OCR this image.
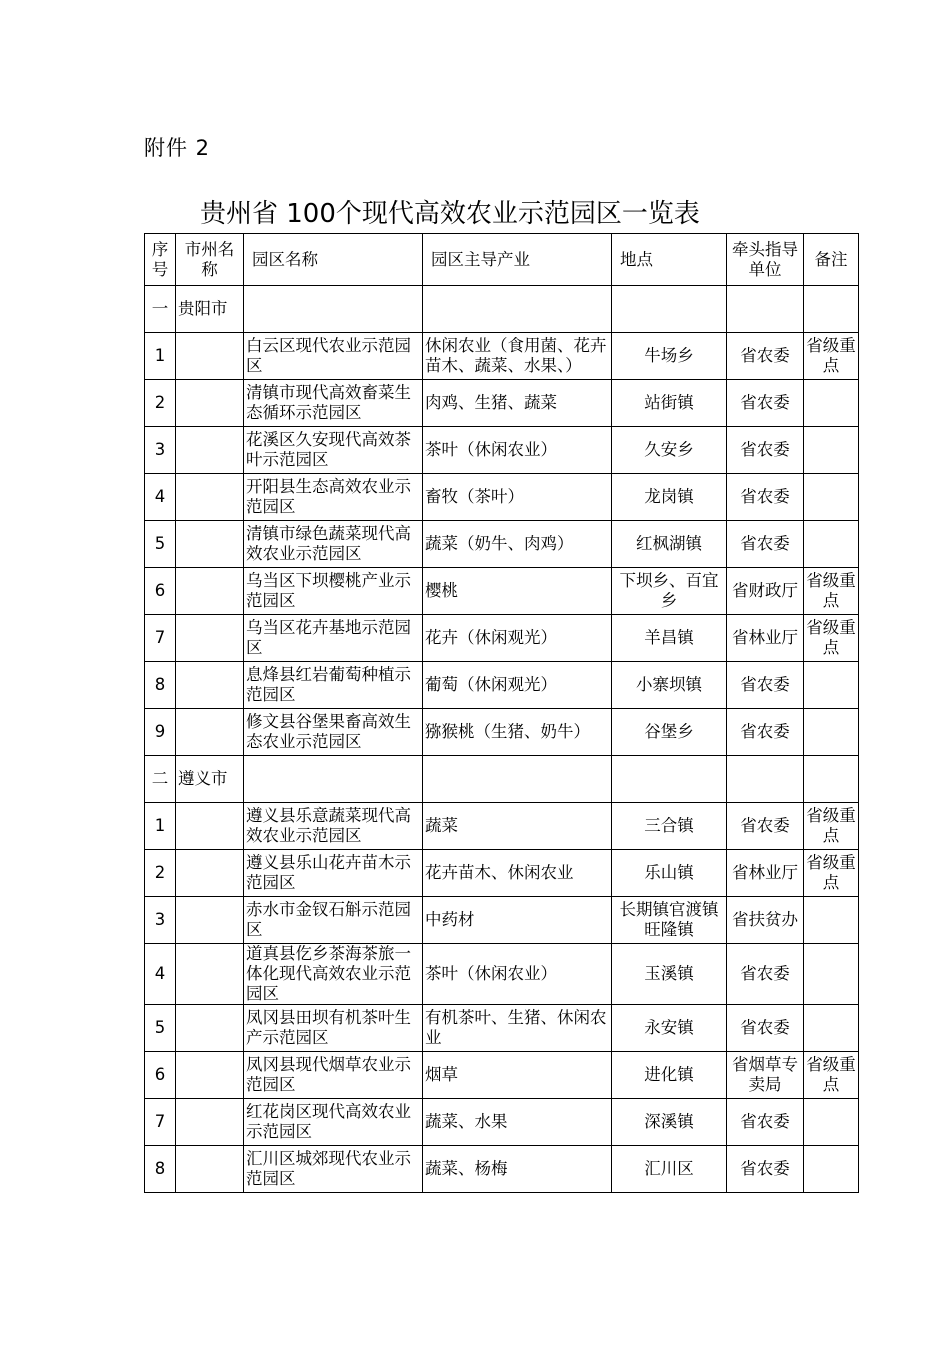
附件 2
贵州省 100个现代高效农业示范园区一览表
序号	市州名称	园区名称	园区主导产业	地点	牵头指导单位	备注
一	贵阳市					
1		白云区现代农业示范园区	休闲农业（食用菌、花卉苗木、蔬菜、水果、）	牛场乡	省农委	省级重点
2		清镇市现代高效畜菜生态循环示范园区	肉鸡、生猪、蔬菜	站街镇	省农委	
3		花溪区久安现代高效茶叶示范园区	茶叶（休闲农业）	久安乡	省农委	
4		开阳县生态高效农业示范园区	畜牧（茶叶）	龙岗镇	省农委	
5		清镇市绿色蔬菜现代高效农业示范园区	蔬菜（奶牛、肉鸡）	红枫湖镇	省农委	
6		乌当区下坝樱桃产业示范园区	樱桃	下坝乡、百宜乡	省财政厅	省级重点
7		乌当区花卉基地示范园区	花卉（休闲观光）	羊昌镇	省林业厅	省级重点
8		息烽县红岩葡萄种植示范园区	葡萄（休闲观光）	小寨坝镇	省农委	
9		修文县谷堡果畜高效生态农业示范园区	猕猴桃（生猪、奶牛）	谷堡乡	省农委	
二	遵义市					
1		遵义县乐意蔬菜现代高效农业示范园区	蔬菜	三合镇	省农委	省级重点
2		遵义县乐山花卉苗木示范园区	花卉苗木、休闲农业	乐山镇	省林业厅	省级重点
3		赤水市金钗石斛示范园区	中药材	长期镇官渡镇旺隆镇	省扶贫办	
4		道真县仡乡茶海茶旅一体化现代高效农业示范园区	茶叶（休闲农业）	玉溪镇	省农委	
5		凤冈县田坝有机茶叶生产示范园区	有机茶叶、生猪、休闲农业	永安镇	省农委	
6		凤冈县现代烟草农业示范园区	烟草	进化镇	省烟草专卖局	省级重点
7		红花岗区现代高效农业示范园区	蔬菜、水果	深溪镇	省农委	
8		汇川区城郊现代农业示范园区	蔬菜、杨梅	汇川区	省农委	
